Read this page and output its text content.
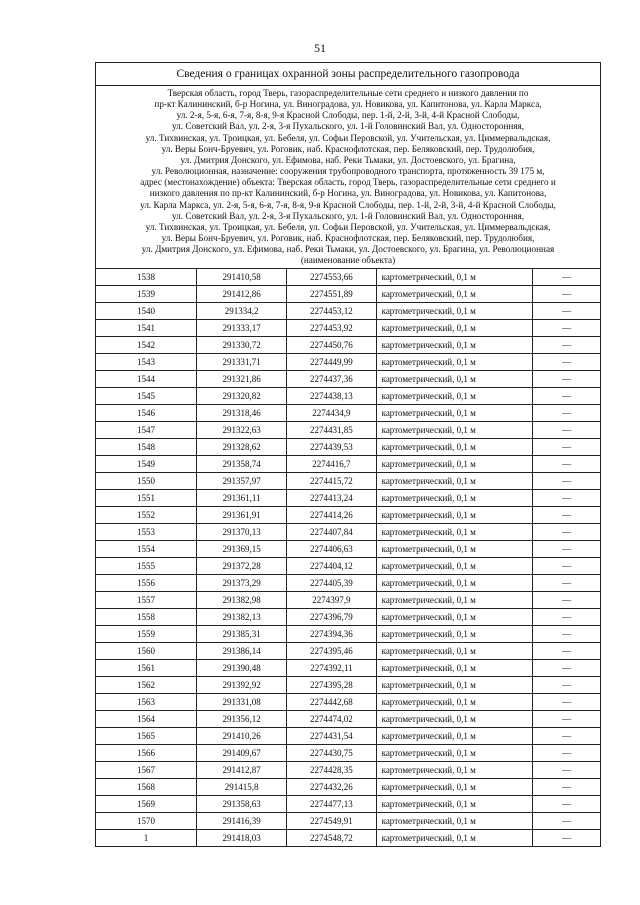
51
Сведения о границах охранной зоны распределительного газопровода
Тверская область, город Тверь, газораспределительные сети среднего и низкого давления по
пр-кт Калининский, б-р Ногина, ул. Виноградова, ул. Новикова, ул. Капитонова, ул. Карла Маркса,
ул. 2-я, 5-я, 6-я, 7-я, 8-я, 9-я Красной Слободы, пер. 1-й, 2-й, 3-й, 4-й Красной Слободы,
ул. Советский Вал, ул. 2-я, 3-я Пухальского, ул. 1-й Головинский Вал, ул. Односторонняя,
ул. Тихвинская, ул. Троицкая, ул. Бебеля, ул. Софьи Перовской, ул. Учительская, ул. Циммервальдская,
ул. Веры Бонч-Бруевич, ул. Роговик, наб. Краснофлотская, пер. Беляковский, пер. Трудолюбия,
ул. Дмитрия Донского, ул. Ефимова, наб. Реки Тьмаки, ул. Достоевского, ул. Брагина,
ул. Революционная, назначение: сооружения трубопроводного транспорта, протяженность 39 175 м,
адрес (местонахождение) объекта: Тверская область, город Тверь, газораспределительные сети среднего и
низкого давления по пр-кт Калининский, б-р Ногина, ул. Виноградова, ул. Новикова, ул. Капитонова,
ул. Карла Маркса, ул. 2-я, 5-я, 6-я, 7-я, 8-я, 9-я Красной Слободы, пер. 1-й, 2-й, 3-й, 4-й Красной Слободы,
ул. Советский Вал, ул. 2-я, 3-я Пухальского, ул. 1-й Головинский Вал, ул. Односторонняя,
ул. Тихвинская, ул. Троицкая, ул. Бебеля, ул. Софьи Перовской, ул. Учительская, ул. Циммервальдская,
ул. Веры Бонч-Бруевич, ул. Роговик, наб. Краснофлотская, пер. Беляковский, пер. Трудолюбия,
ул. Дмитрия Донского, ул. Ефимова, наб. Реки Тьмаки, ул. Достоевского, ул. Брагина, ул. Революционная
(наименование объекта)
1538	291410,58	2274553,66	картометрический, 0,1 м	—
1539	291412,86	2274551,89	картометрический, 0,1 м	—
1540	291334,2	2274453,12	картометрический, 0,1 м	—
1541	291333,17	2274453,92	картометрический, 0,1 м	—
1542	291330,72	2274450,76	картометрический, 0,1 м	—
1543	291331,71	2274449,99	картометрический, 0,1 м	—
1544	291321,86	2274437,36	картометрический, 0,1 м	—
1545	291320,82	2274438,13	картометрический, 0,1 м	—
1546	291318,46	2274434,9	картометрический, 0,1 м	—
1547	291322,63	2274431,85	картометрический, 0,1 м	—
1548	291328,62	2274439,53	картометрический, 0,1 м	—
1549	291358,74	2274416,7	картометрический, 0,1 м	—
1550	291357,97	2274415,72	картометрический, 0,1 м	—
1551	291361,11	2274413,24	картометрический, 0,1 м	—
1552	291361,91	2274414,26	картометрический, 0,1 м	—
1553	291370,13	2274407,84	картометрический, 0,1 м	—
1554	291369,15	2274406,63	картометрический, 0,1 м	—
1555	291372,28	2274404,12	картометрический, 0,1 м	—
1556	291373,29	2274405,39	картометрический, 0,1 м	—
1557	291382,98	2274397,9	картометрический, 0,1 м	—
1558	291382,13	2274396,79	картометрический, 0,1 м	—
1559	291385,31	2274394,36	картометрический, 0,1 м	—
1560	291386,14	2274395,46	картометрический, 0,1 м	—
1561	291390,48	2274392,11	картометрический, 0,1 м	—
1562	291392,92	2274395,28	картометрический, 0,1 м	—
1563	291331,08	2274442,68	картометрический, 0,1 м	—
1564	291356,12	2274474,02	картометрический, 0,1 м	—
1565	291410,26	2274431,54	картометрический, 0,1 м	—
1566	291409,67	2274430,75	картометрический, 0,1 м	—
1567	291412,87	2274428,35	картометрический, 0,1 м	—
1568	291415,8	2274432,26	картометрический, 0,1 м	—
1569	291358,63	2274477,13	картометрический, 0,1 м	—
1570	291416,39	2274549,91	картометрический, 0,1 м	—
1	291418,03	2274548,72	картометрический, 0,1 м	—
